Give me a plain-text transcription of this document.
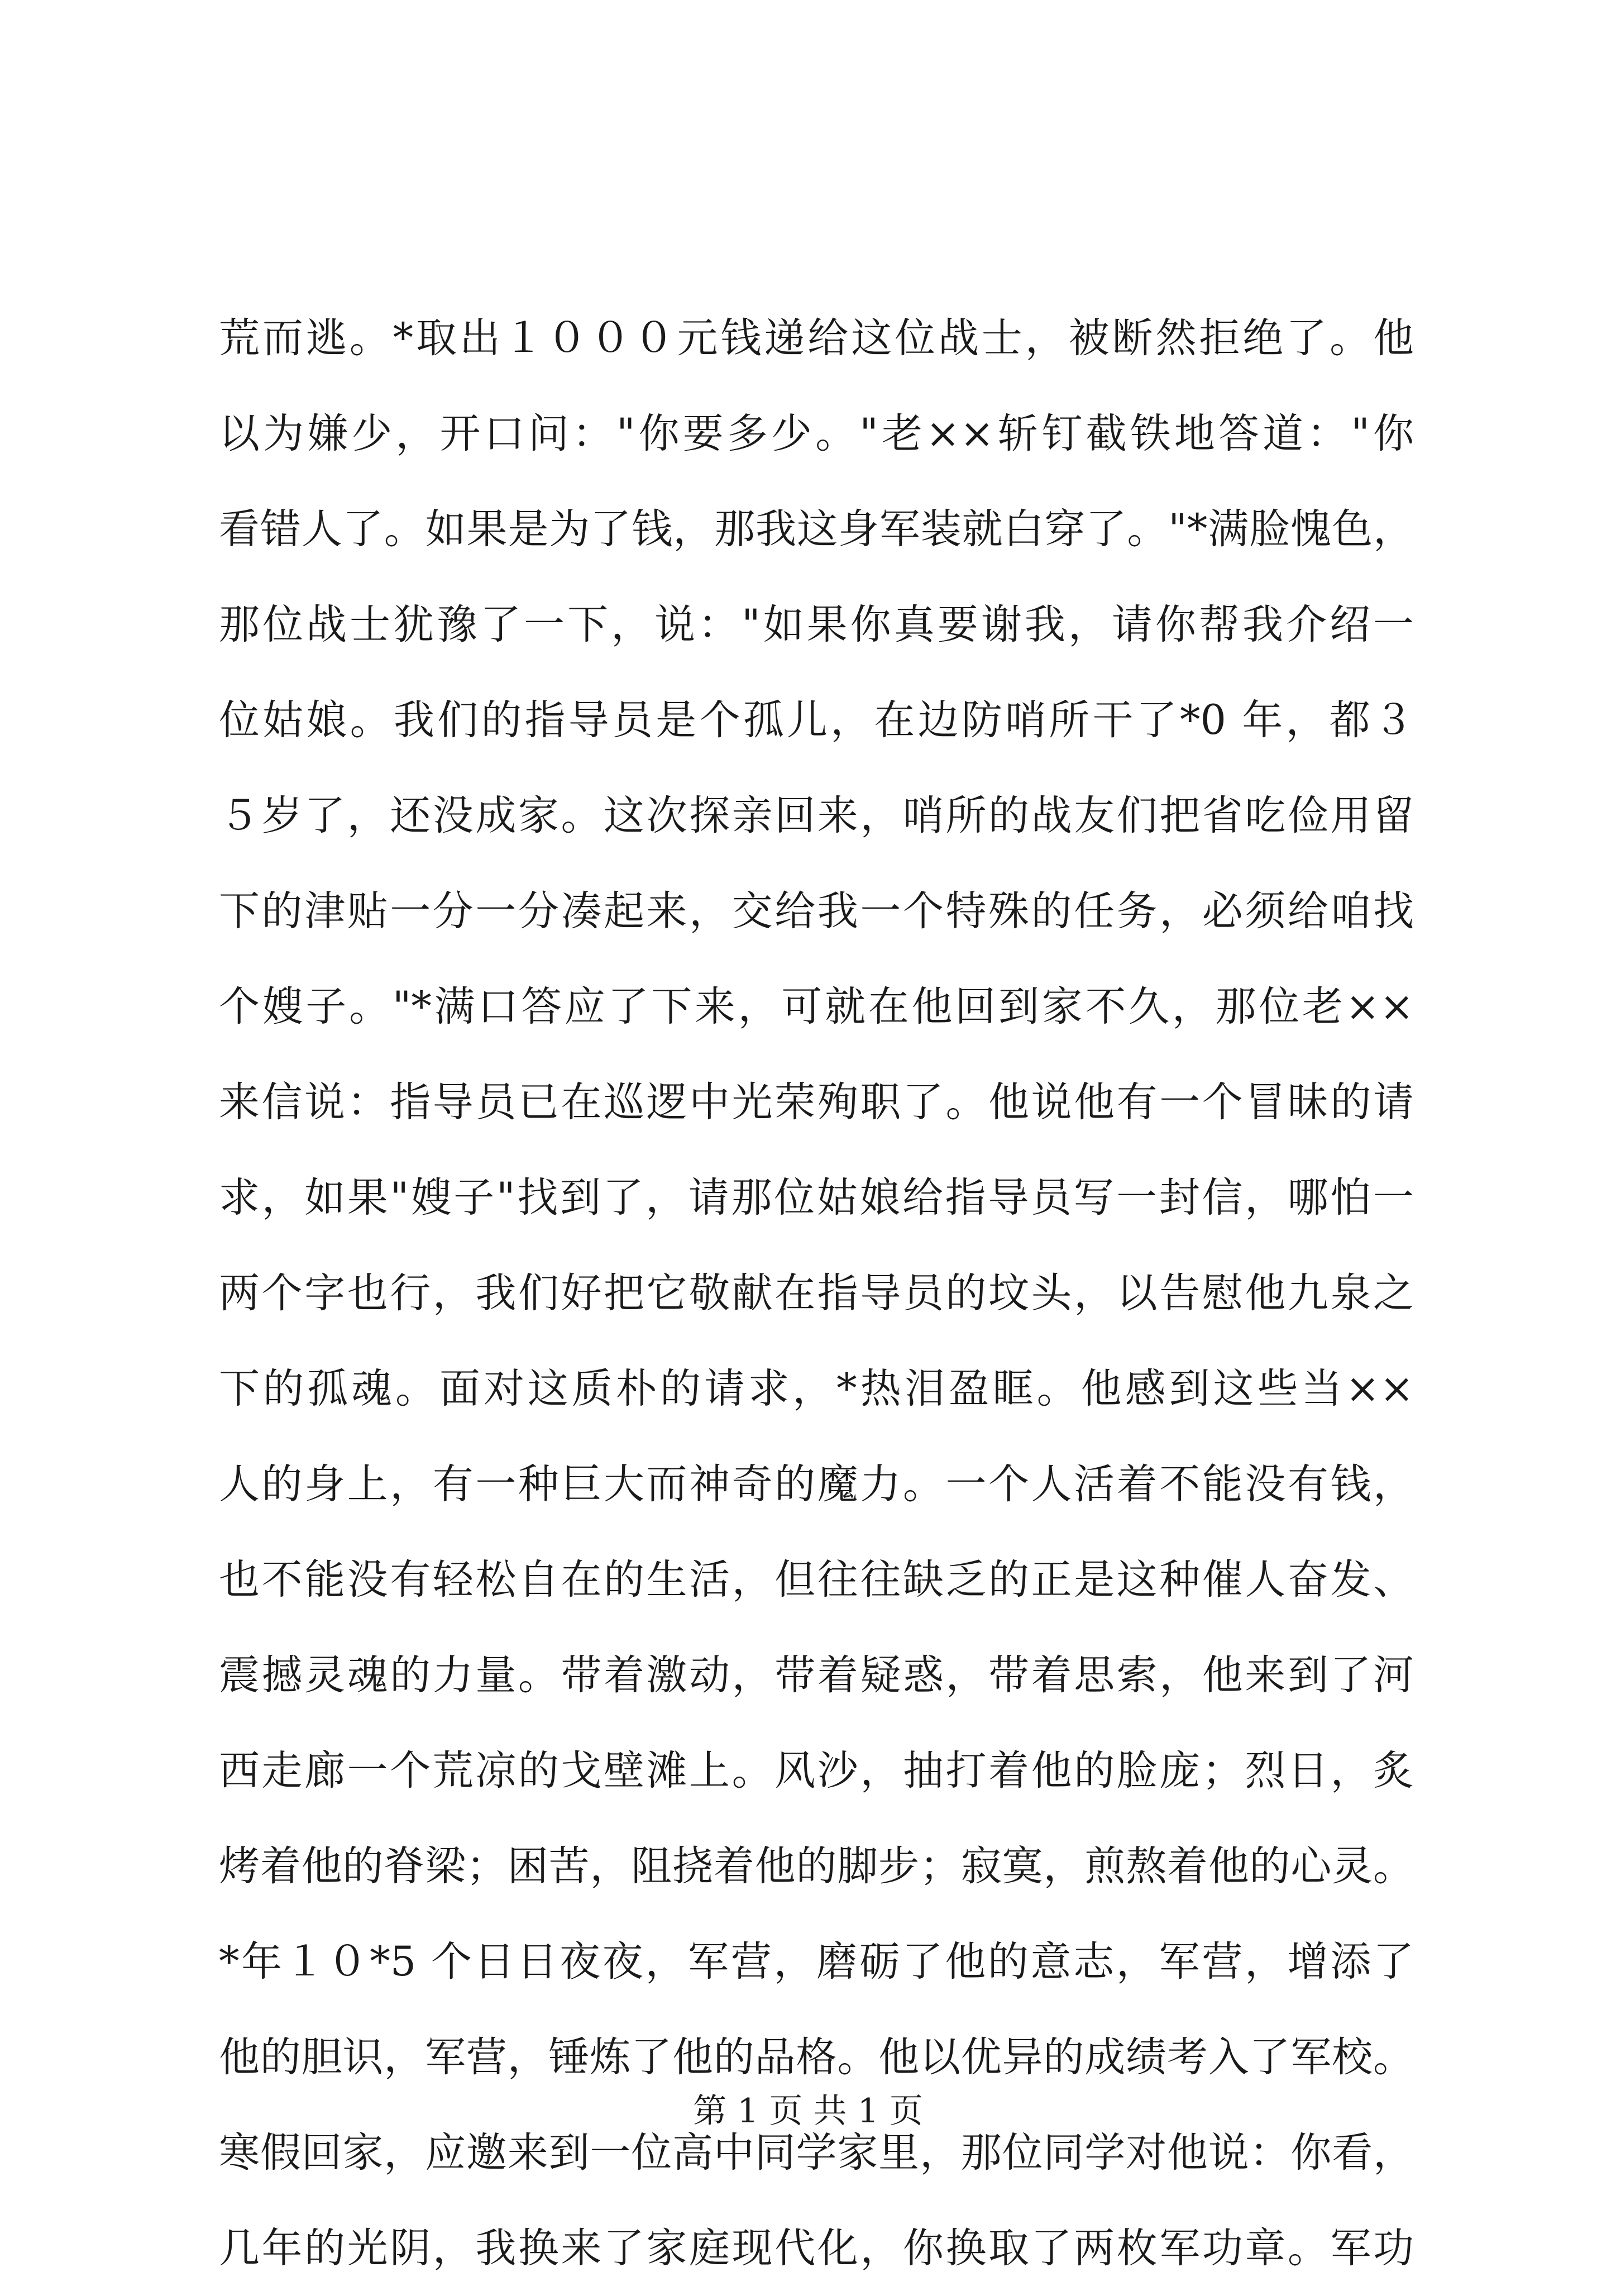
荒而逃。*取出１０００元钱递给这位战士，被断然拒绝了。他
以为嫌少，开口问："你要多少。"老××斩钉截铁地答道："你
看错人了。如果是为了钱，那我这身军装就白穿了。"*满脸愧色，
那位战士犹豫了一下，说："如果你真要谢我，请你帮我介绍一
位姑娘。我们的指导员是个孤儿，在边防哨所干了*0 年，都３
５岁了，还没成家。这次探亲回来，哨所的战友们把省吃俭用留
下的津贴一分一分凑起来，交给我一个特殊的任务，必须给咱找
个嫂子。"*满口答应了下来，可就在他回到家不久，那位老××
来信说：指导员已在巡逻中光荣殉职了。他说他有一个冒昧的请
求，如果"嫂子"找到了，请那位姑娘给指导员写一封信，哪怕一
两个字也行，我们好把它敬献在指导员的坟头，以告慰他九泉之
下的孤魂。面对这质朴的请求，*热泪盈眶。他感到这些当××
人的身上，有一种巨大而神奇的魔力。一个人活着不能没有钱，
也不能没有轻松自在的生活，但往往缺乏的正是这种催人奋发、
震撼灵魂的力量。带着激动，带着疑惑，带着思索，他来到了河
西走廊一个荒凉的戈壁滩上。风沙，抽打着他的脸庞；烈日，炙
烤着他的脊梁；困苦，阻挠着他的脚步；寂寞，煎熬着他的心灵。
*年１０*5 个日日夜夜，军营，磨砺了他的意志，军营，增添了
他的胆识，军营，锤炼了他的品格。他以优异的成绩考入了军校。
寒假回家，应邀来到一位高中同学家里，那位同学对他说：你看，
几年的光阴，我换来了家庭现代化，你换取了两枚军功章。军功
第 1 页 共 1 页
